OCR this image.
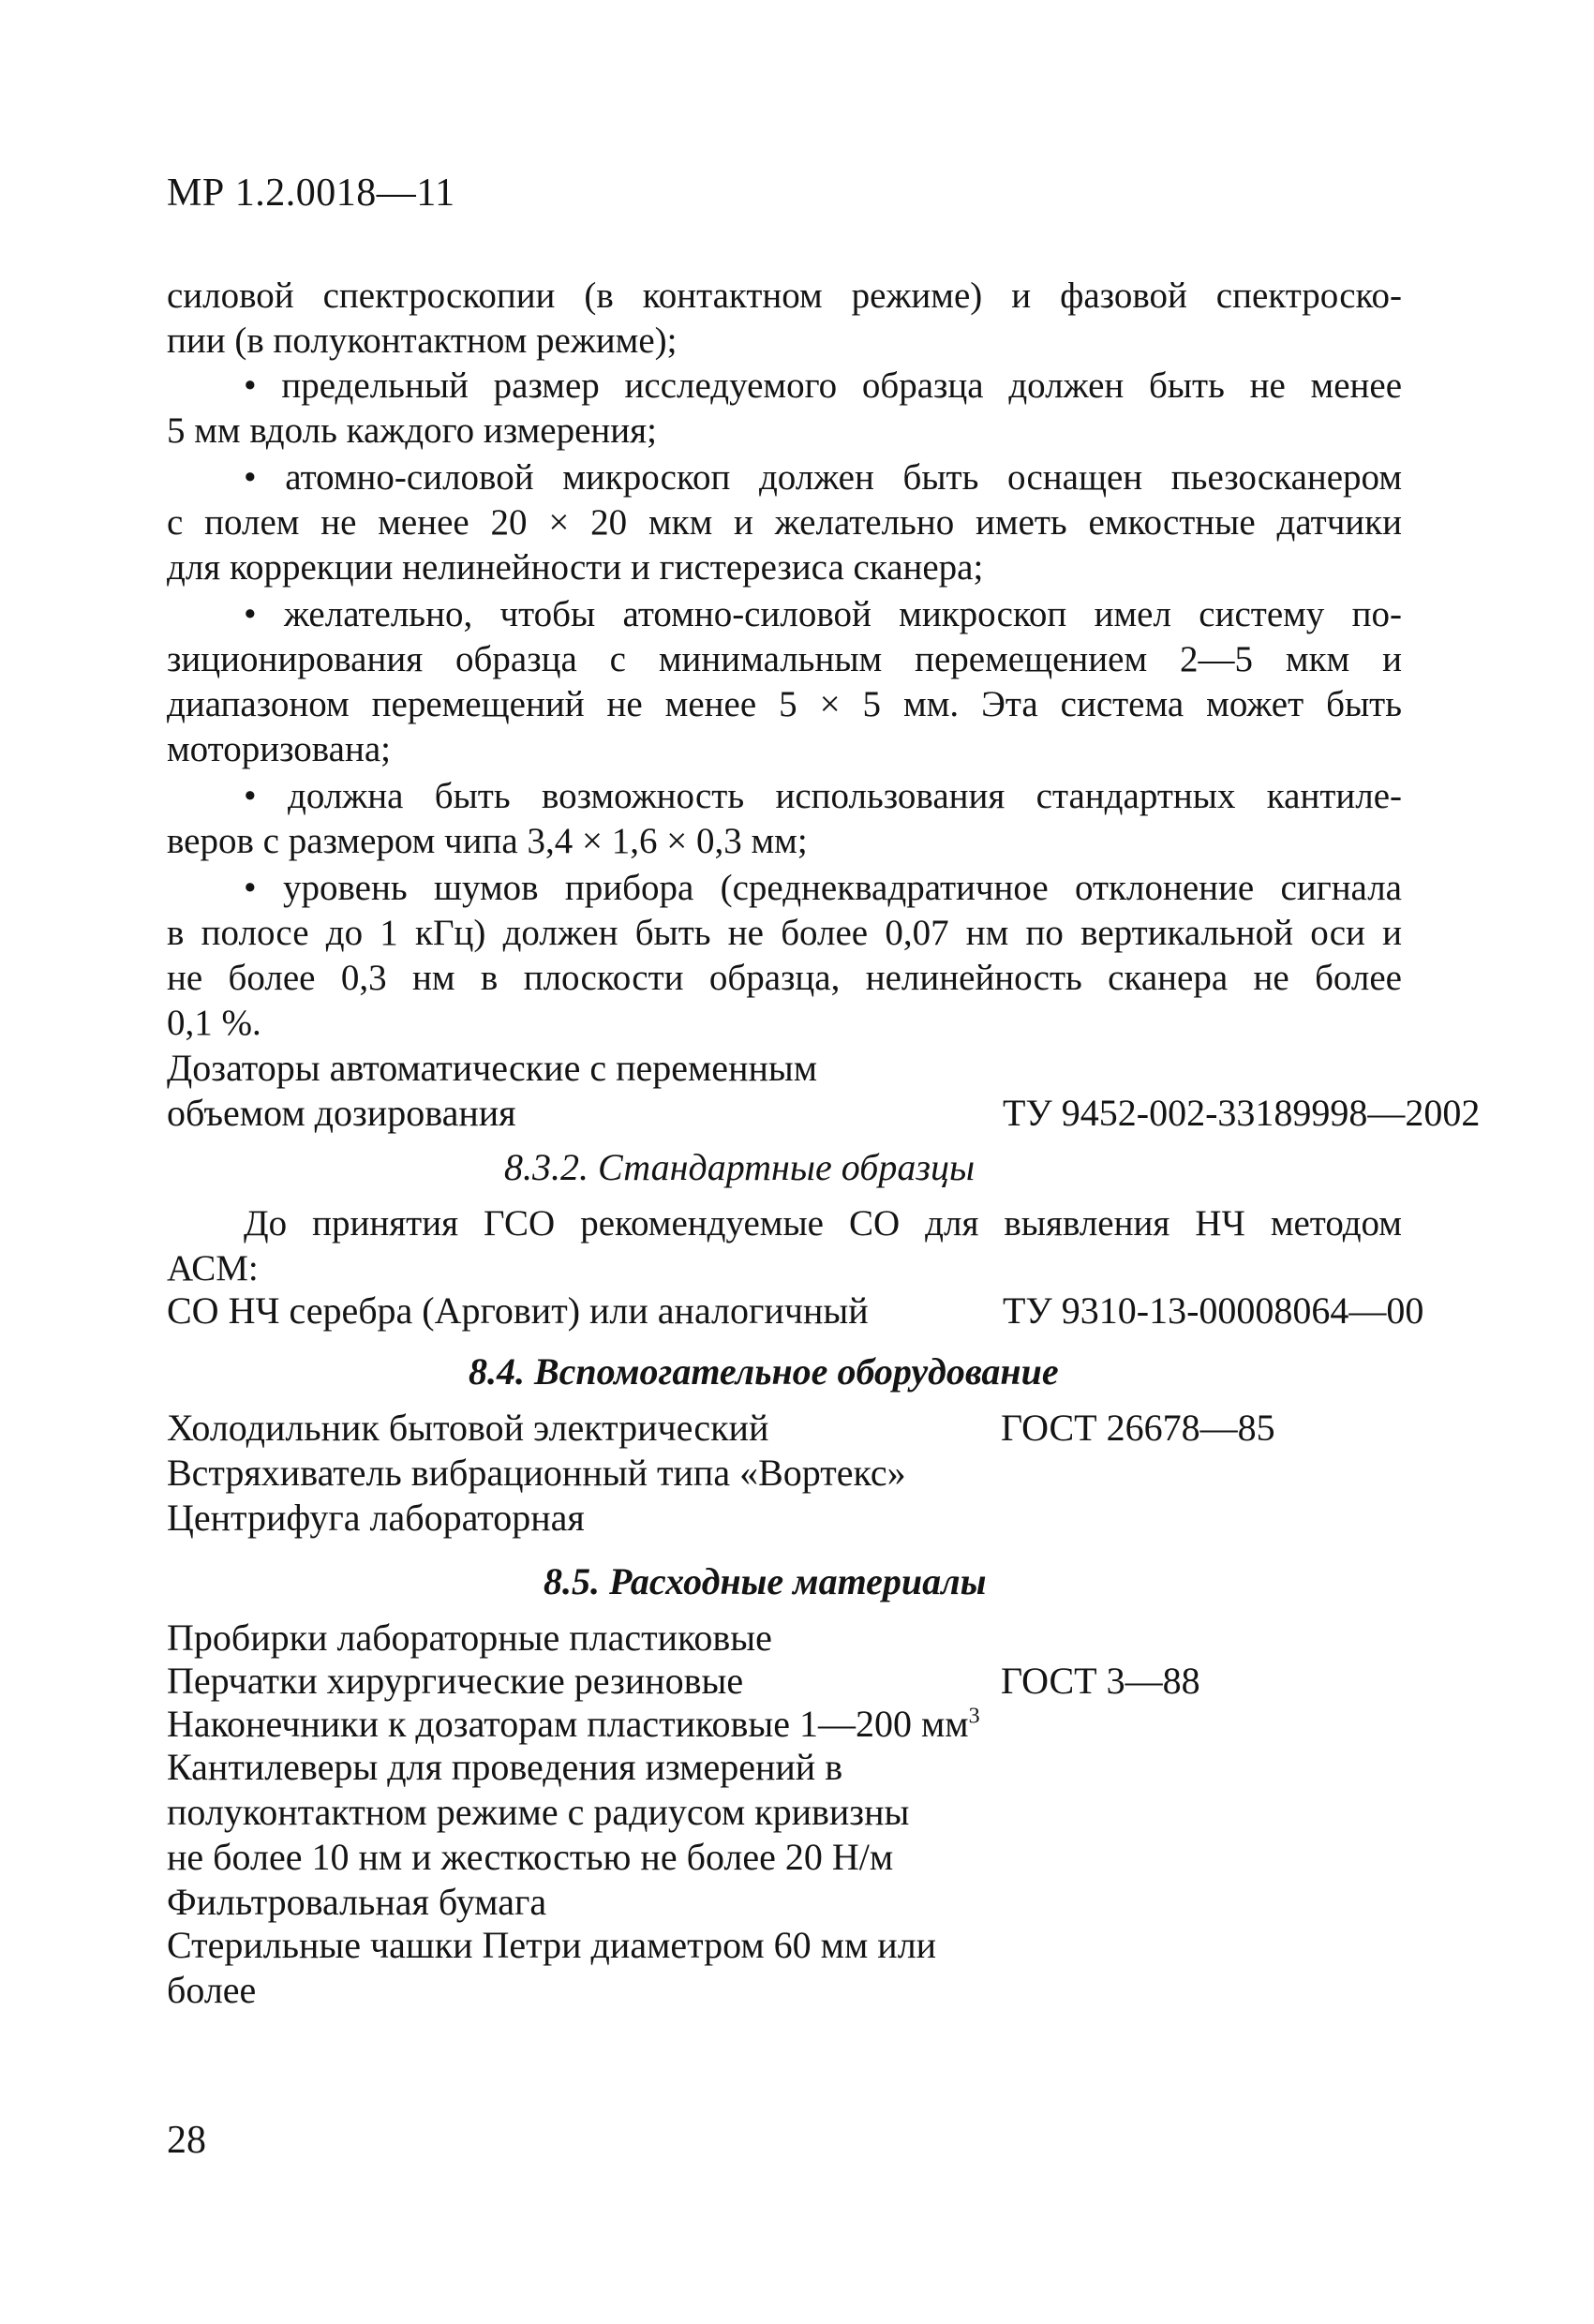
МР 1.2.0018—11
силовой спектроскопии (в контактном режиме) и фазовой спектроско-
пии (в полуконтактном режиме);
• предельный размер исследуемого образца должен быть не менее
5 мм вдоль каждого измерения;
• атомно-силовой микроскоп должен быть оснащен пьезосканером
с полем не менее 20 × 20 мкм и желательно иметь емкостные датчики
для коррекции нелинейности и гистерезиса сканера;
• желательно, чтобы атомно-силовой микроскоп имел систему по-
зиционирования образца с минимальным перемещением 2—5 мкм и
диапазоном перемещений не менее 5 × 5 мм. Эта система может быть
моторизована;
• должна быть возможность использования стандартных кантиле-
веров с размером чипа 3,4 × 1,6 × 0,3 мм;
• уровень шумов прибора (среднеквадратичное отклонение сигнала
в полосе до 1 кГц) должен быть не более 0,07 нм по вертикальной оси и
не более 0,3 нм в плоскости образца, нелинейность сканера не более
0,1 %.
Дозаторы автоматические с переменным
объемом дозирования	ТУ 9452-002-33189998—2002
8.3.2. Стандартные образцы
До принятия ГСО рекомендуемые СО для выявления НЧ методом
АСМ:
СО НЧ серебра (Арговит) или аналогичный	ТУ 9310-13-00008064—00
8.4. Вспомогательное оборудование
Холодильник бытовой электрический	ГОСТ 26678—85
Встряхиватель вибрационный типа «Вортекс»
Центрифуга лабораторная
8.5. Расходные материалы
Пробирки лабораторные пластиковые
Перчатки хирургические резиновые	ГОСТ 3—88
Наконечники к дозаторам пластиковые 1—200 $мм^3$
Кантилеверы для проведения измерений в
полуконтактном режиме с радиусом кривизны
не более 10 нм и жесткостью не более 20 Н/м
Фильтровальная бумага
Стерильные чашки Петри диаметром 60 мм или
более
28
